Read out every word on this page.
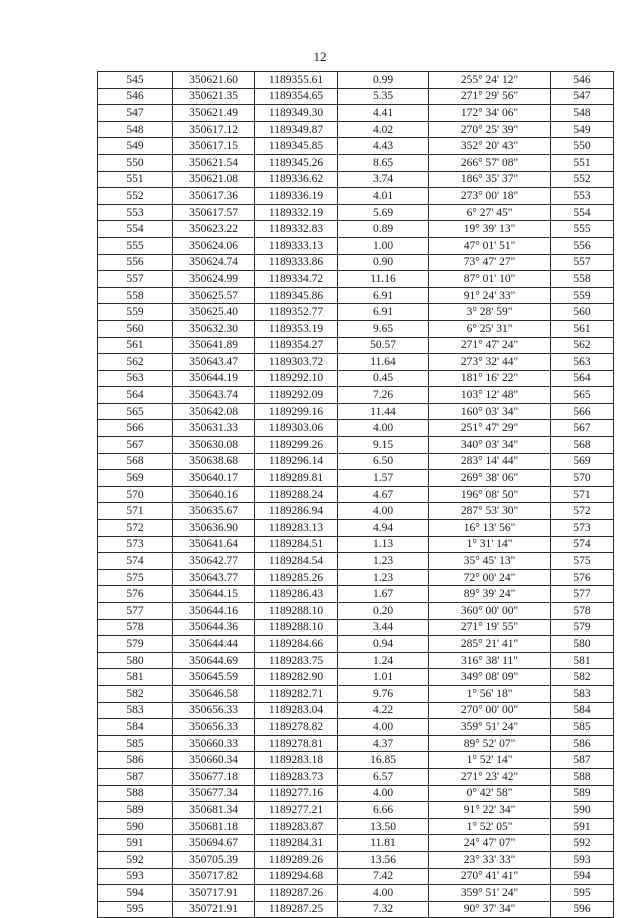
12
545	350621.60	1189355.61	0.99	255° 24' 12"	546
546	350621.35	1189354.65	5.35	271° 29' 56"	547
547	350621.49	1189349.30	4.41	172° 34' 06"	548
548	350617.12	1189349.87	4.02	270° 25' 39"	549
549	350617.15	1189345.85	4.43	352° 20' 43"	550
550	350621.54	1189345.26	8.65	266° 57' 08"	551
551	350621.08	1189336.62	3.74	186° 35' 37"	552
552	350617.36	1189336.19	4.01	273° 00' 18"	553
553	350617.57	1189332.19	5.69	6° 27' 45"	554
554	350623.22	1189332.83	0.89	19° 39' 13"	555
555	350624.06	1189333.13	1.00	47° 01' 51"	556
556	350624.74	1189333.86	0.90	73° 47' 27"	557
557	350624.99	1189334.72	11.16	87° 01' 10"	558
558	350625.57	1189345.86	6.91	91° 24' 33"	559
559	350625.40	1189352.77	6.91	3° 28' 59"	560
560	350632.30	1189353.19	9.65	6° 25' 31"	561
561	350641.89	1189354.27	50.57	271° 47' 24"	562
562	350643.47	1189303.72	11.64	273° 32' 44"	563
563	350644.19	1189292.10	0.45	181° 16' 22"	564
564	350643.74	1189292.09	7.26	103° 12' 48"	565
565	350642.08	1189299.16	11.44	160° 03' 34"	566
566	350631.33	1189303.06	4.00	251° 47' 29"	567
567	350630.08	1189299.26	9.15	340° 03' 34"	568
568	350638.68	1189296.14	6.50	283° 14' 44"	569
569	350640.17	1189289.81	1.57	269° 38' 06"	570
570	350640.16	1189288.24	4.67	196° 08' 50"	571
571	350635.67	1189286.94	4.00	287° 53' 30"	572
572	350636.90	1189283.13	4.94	16° 13' 56"	573
573	350641.64	1189284.51	1.13	1° 31' 14"	574
574	350642.77	1189284.54	1.23	35° 45' 13"	575
575	350643.77	1189285.26	1.23	72° 00' 24"	576
576	350644.15	1189286.43	1.67	89° 39' 24"	577
577	350644.16	1189288.10	0.20	360° 00' 00"	578
578	350644.36	1189288.10	3.44	271° 19' 55"	579
579	350644.44	1189284.66	0.94	285° 21' 41"	580
580	350644.69	1189283.75	1.24	316° 38' 11"	581
581	350645.59	1189282.90	1.01	349° 08' 09"	582
582	350646.58	1189282.71	9.76	1° 56' 18"	583
583	350656.33	1189283.04	4.22	270° 00' 00"	584
584	350656.33	1189278.82	4.00	359° 51' 24"	585
585	350660.33	1189278.81	4.37	89° 52' 07"	586
586	350660.34	1189283.18	16.85	1° 52' 14"	587
587	350677.18	1189283.73	6.57	271° 23' 42"	588
588	350677.34	1189277.16	4.00	0° 42' 58"	589
589	350681.34	1189277.21	6.66	91° 22' 34"	590
590	350681.18	1189283.87	13.50	1° 52' 05"	591
591	350694.67	1189284.31	11.81	24° 47' 07"	592
592	350705.39	1189289.26	13.56	23° 33' 33"	593
593	350717.82	1189294.68	7.42	270° 41' 41"	594
594	350717.91	1189287.26	4.00	359° 51' 24"	595
595	350721.91	1189287.25	7.32	90° 37' 34"	596
